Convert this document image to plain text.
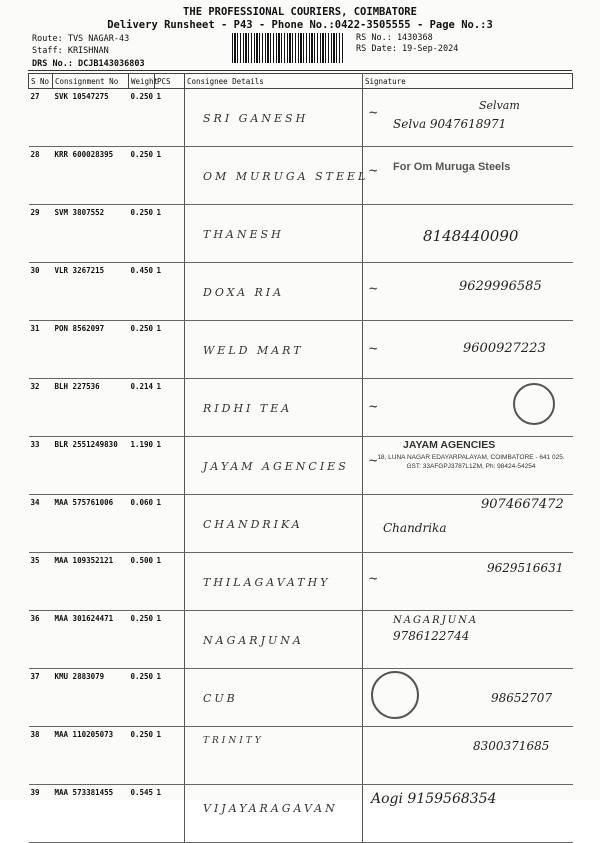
THE PROFESSIONAL COURIERS, COIMBATORE
Delivery Runsheet - P43 - Phone No.:0422-3505555 - Page No.:3
Route: TVS NAGAR-43
Staff: KRISHNAN
DRS No.: DCJB143036803
RS No.: 1430368
RS Date: 19-Sep-2024
S No	Consignment No	Weight	PCS	Consignee Details	Signature
27	SVK 10547275	0.250	1	SRI GANESH	~ Selvam
Selva 9047618971

28	KRR 600028395	0.250	1	OM MURUGA STEEL	~ For Om Muruga Steels

29	SVM 3807552	0.250	1	THANESH	8148440090

30	VLR 3267215	0.450	1	DOXA RIA	~ 9629996585

31	PON 8562097	0.250	1	WELD MART	~ 9600927223

32	BLH 227536	0.214	1	RIDHI TEA	~

33	BLR 2551249830	1.190	1	JAYAM AGENCIES	~
JAYAM AGENCIES
18, LUNA NAGAR EDAYARPALAYAM, COIMBATORE - 641 025. GST: 33AFGPJ3787L1ZM, Ph: 98424-54254

34	MAA 575761006	0.060	1	CHANDRIKA	9074667472
Chandrika

35	MAA 109352121	0.500	1	THILAGAVATHY	~
9629516631

36	MAA 301624471	0.250	1	NAGARJUNA	NAGARJUNA
9786122744

37	KMU 2883079	0.250	1	CUB	98652707

38	MAA 110205073	0.250	1	TRINITY	8300371685

39	MAA 573381455	0.545	1	VIJAYARAGAVAN	Aogi 9159568354
